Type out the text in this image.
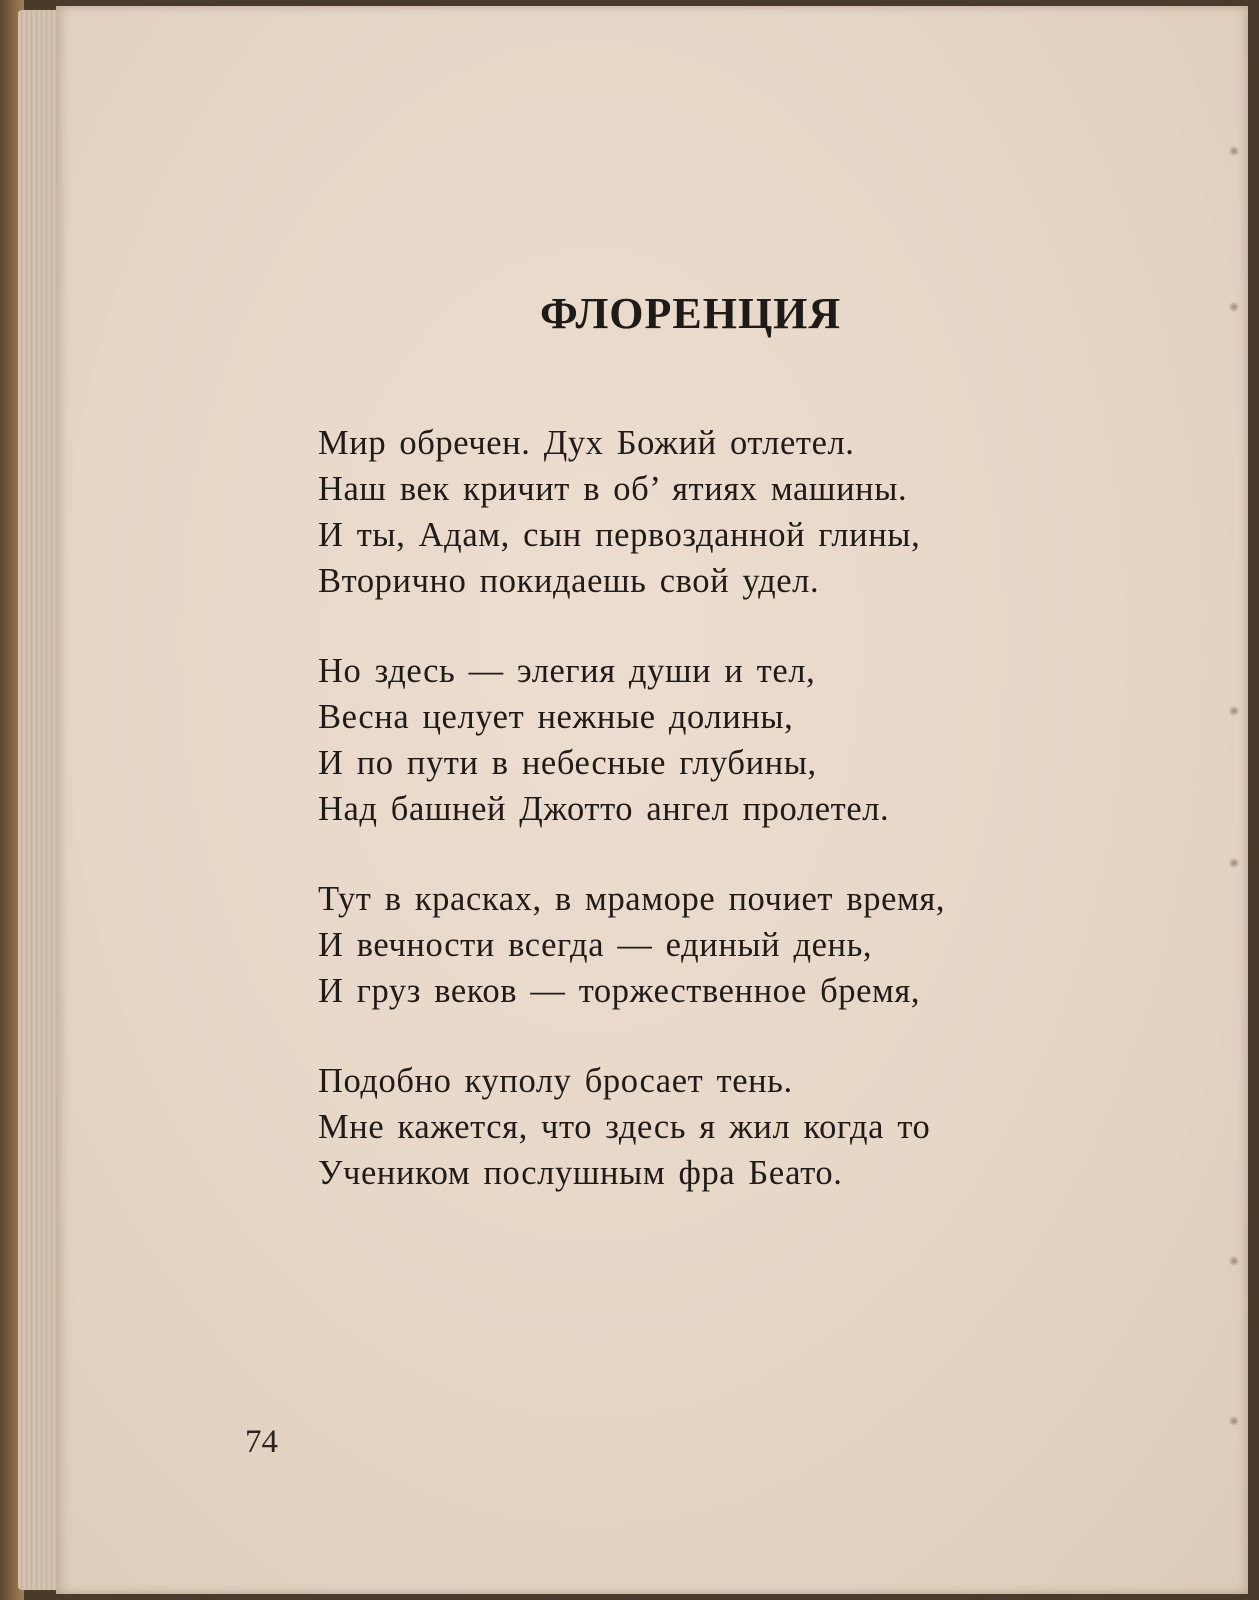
ФЛОРЕНЦИЯ
Мир обречен. Дух Божий отлетел.
Наш век кричит в об’ ятиях машины.
И ты, Адам, сын первозданной глины,
Вторично покидаешь свой удел.
Но здесь — элегия души и тел,
Весна целует нежные долины,
И по пути в небесные глубины,
Над башней Джотто ангел пролетел.
Тут в красках, в мраморе почиет время,
И вечности всегда — единый день,
И груз веков — торжественное бремя,
Подобно куполу бросает тень.
Мне кажется, что здесь я жил когда то
Учеником послушным фра Беато.

74
